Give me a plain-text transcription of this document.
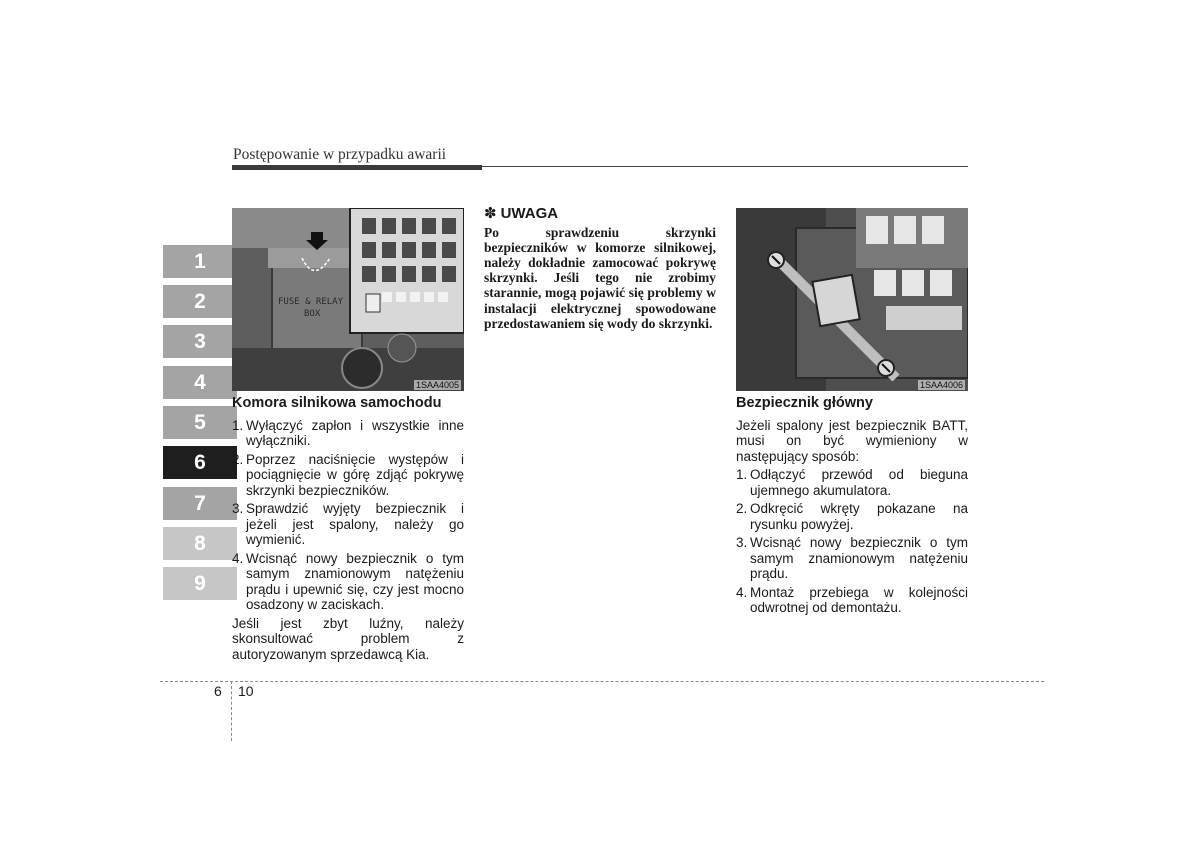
Postępowanie w przypadku awarii
1
2
3
4
5
6
7
8
9
FUSE & RELAY
BOX
1SAA4005
Komora silnikowa samochodu
1. Wyłączyć zapłon i wszystkie inne wyłączniki.
2. Poprzez naciśnięcie występów i pociągnięcie w górę zdjąć pokrywę skrzynki bezpieczników.
3. Sprawdzić wyjęty bezpiecznik i jeżeli jest spalony, należy go wymienić.
4. Wcisnąć nowy bezpiecznik o tym samym znamionowym natężeniu prądu i upewnić się, czy jest mocno osadzony w zaciskach.

Jeśli jest zbyt luźny, należy skonsultować problem z autoryzowanym sprzedawcą Kia.

✽ UWAGA

Po sprawdzeniu skrzynki bezpieczników w komorze silnikowej, należy dokładnie zamocować pokrywę skrzynki. Jeśli tego nie zrobimy starannie, mogą pojawić się problemy w instalacji elektrycznej spowodowane przedostawaniem się wody do skrzynki.

1SAA4006
Bezpiecznik główny

Jeżeli spalony jest bezpiecznik BATT, musi on być wymieniony w następujący sposób:

1. Odłączyć przewód od bieguna ujemnego akumulatora.
2. Odkręcić wkręty pokazane na rysunku powyżej.
3. Wcisnąć nowy bezpiecznik o tym samym znamionowym natężeniu prądu.
4. Montaż przebiega w kolejności odwrotnej od demontażu.
6 10
